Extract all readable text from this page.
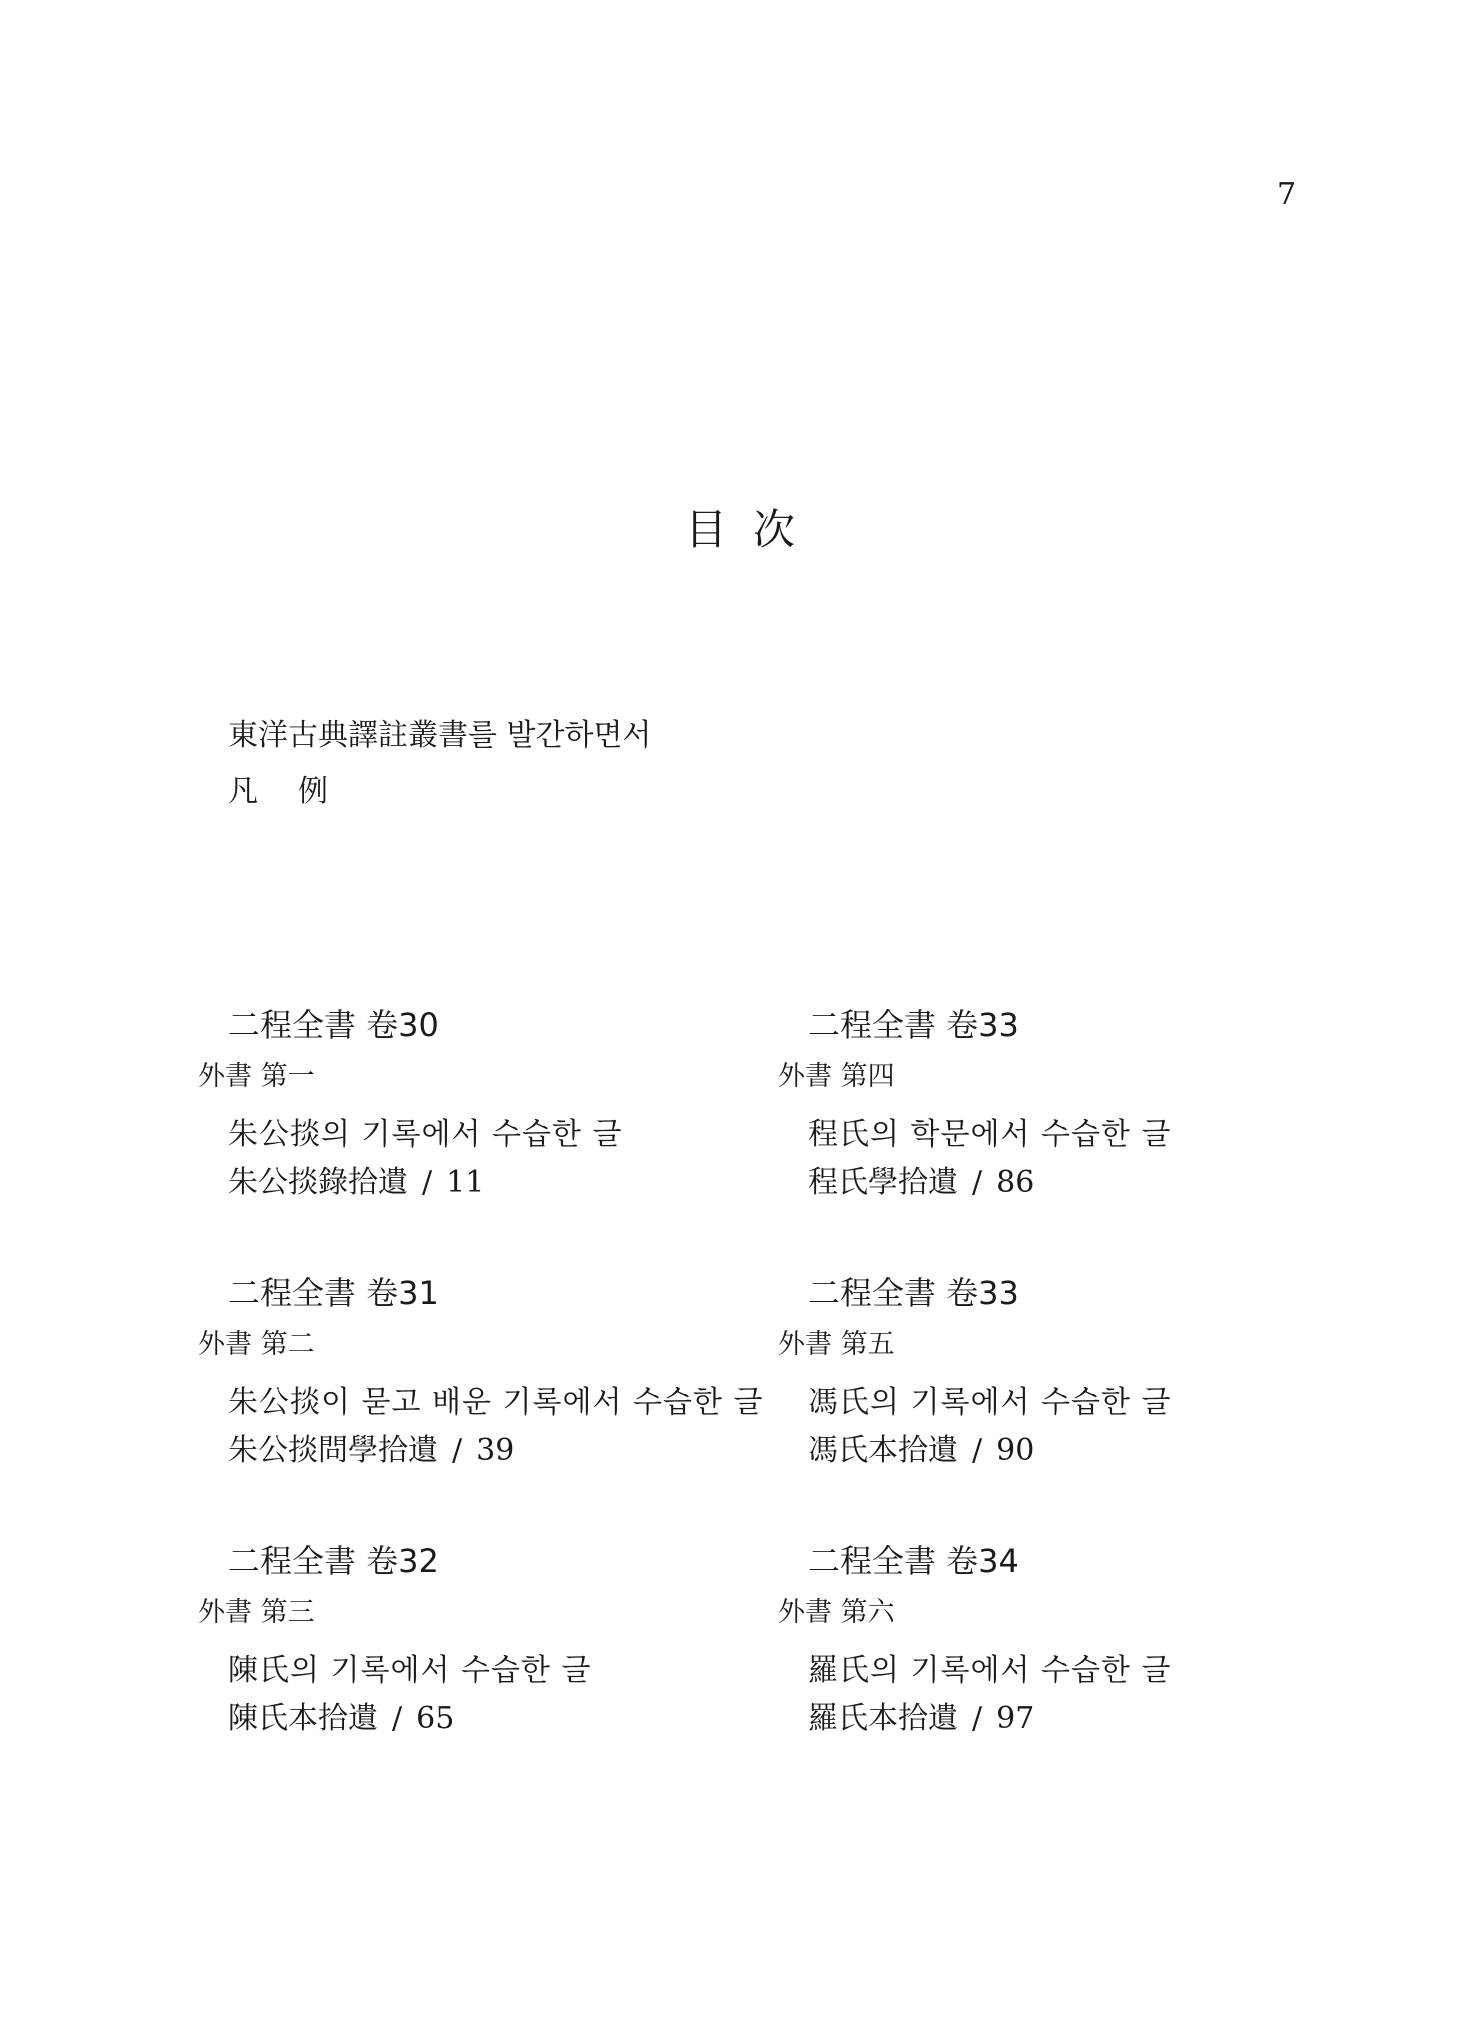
7
目次
東洋古典譯註叢書를 발간하면서
凡例
二程全書 卷30
外書 第一
朱公掞의 기록에서 수습한 글
朱公掞錄拾遺 / 11
二程全書 卷31
外書 第二
朱公掞이 묻고 배운 기록에서 수습한 글
朱公掞問學拾遺 / 39
二程全書 卷32
外書 第三
陳氏의 기록에서 수습한 글
陳氏本拾遺 / 65
二程全書 卷33
外書 第四
程氏의 학문에서 수습한 글
程氏學拾遺 / 86
二程全書 卷33
外書 第五
馮氏의 기록에서 수습한 글
馮氏本拾遺 / 90
二程全書 卷34
外書 第六
羅氏의 기록에서 수습한 글
羅氏本拾遺 / 97
